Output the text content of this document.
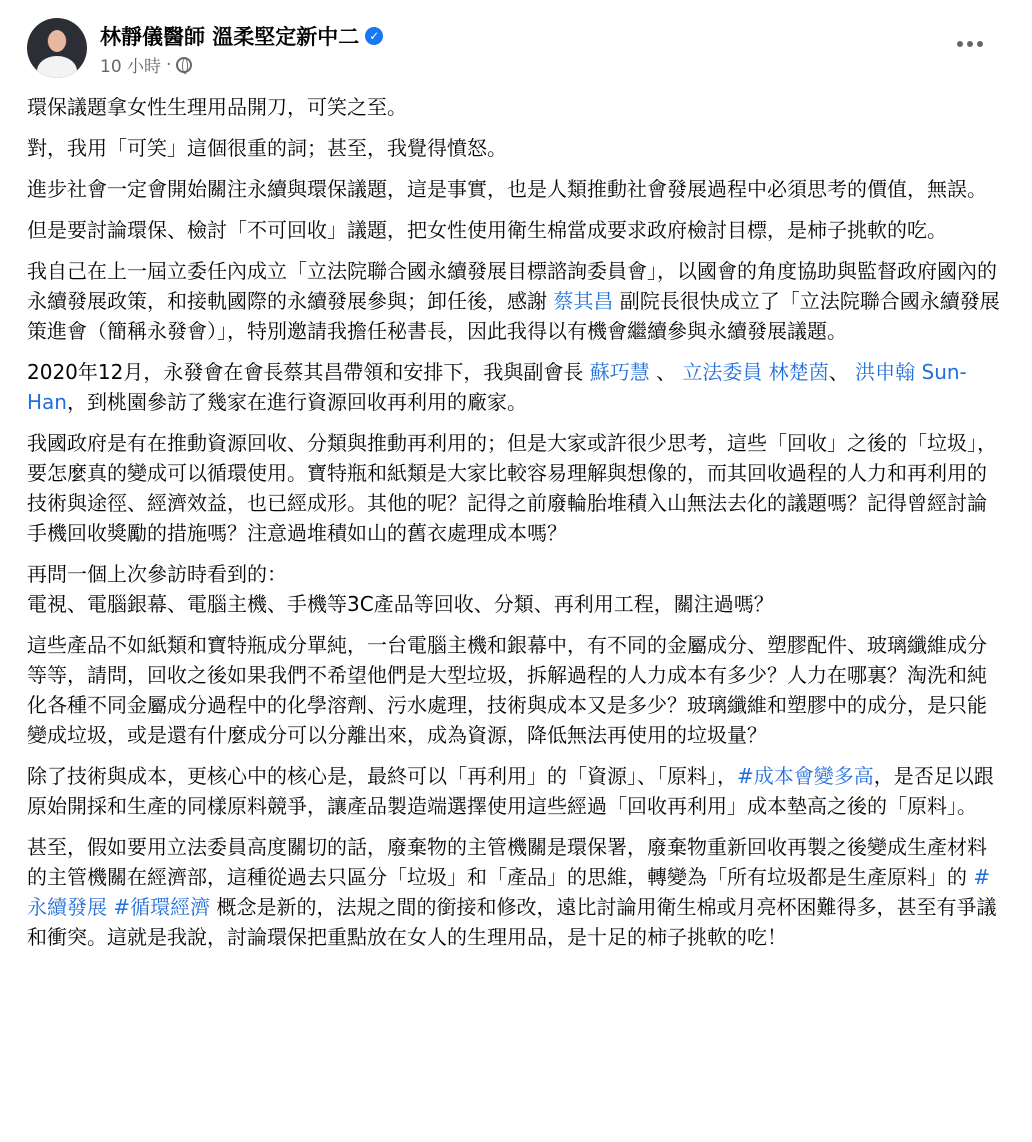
林靜儀醫師 溫柔堅定新中二 ✓
10 小時 ·

環保議題拿女性生理用品開刀，可笑之至。

對，我用「可笑」這個很重的詞；甚至，我覺得憤怒。

進步社會一定會開始關注永續與環保議題，這是事實，也是人類推動社會發展過程中必須思考的價值，無誤。

但是要討論環保、檢討「不可回收」議題，把女性使用衛生棉當成要求政府檢討目標，是柿子挑軟的吃。

我自己在上一屆立委任內成立「立法院聯合國永續發展目標諮詢委員會」，以國會的角度協助與監督政府國內的永續發展政策，和接軌國際的永續發展參與；卸任後，感謝 蔡其昌 副院長很快成立了「立法院聯合國永續發展策進會（簡稱永發會）」，特別邀請我擔任秘書長，因此我得以有機會繼續參與永續發展議題。

2020年12月，永發會在會長蔡其昌帶領和安排下，我與副會長 蘇巧慧 、 立法委員 林楚茵、 洪申翰 Sun-Han，到桃園參訪了幾家在進行資源回收再利用的廠家。

我國政府是有在推動資源回收、分類與推動再利用的；但是大家或許很少思考，這些「回收」之後的「垃圾」，要怎麼真的變成可以循環使用。寶特瓶和紙類是大家比較容易理解與想像的，而其回收過程的人力和再利用的技術與途徑、經濟效益，也已經成形。其他的呢？記得之前廢輪胎堆積入山無法去化的議題嗎？記得曾經討論手機回收獎勵的措施嗎？注意過堆積如山的舊衣處理成本嗎？

再問一個上次參訪時看到的：
電視、電腦銀幕、電腦主機、手機等3C產品等回收、分類、再利用工程，關注過嗎？

這些產品不如紙類和寶特瓶成分單純，一台電腦主機和銀幕中，有不同的金屬成分、塑膠配件、玻璃纖維成分等等，請問，回收之後如果我們不希望他們是大型垃圾，拆解過程的人力成本有多少？人力在哪裏？淘洗和純化各種不同金屬成分過程中的化學溶劑、污水處理，技術與成本又是多少？玻璃纖維和塑膠中的成分，是只能變成垃圾，或是還有什麼成分可以分離出來，成為資源，降低無法再使用的垃圾量？

除了技術與成本，更核心中的核心是，最終可以「再利用」的「資源」、「原料」，#成本會變多高，是否足以跟原始開採和生產的同樣原料競爭，讓產品製造端選擇使用這些經過「回收再利用」成本墊高之後的「原料」。

甚至，假如要用立法委員高度關切的話，廢棄物的主管機關是環保署，廢棄物重新回收再製之後變成生產材料的主管機關在經濟部，這種從過去只區分「垃圾」和「產品」的思維，轉變為「所有垃圾都是生產原料」的 #永續發展 #循環經濟 概念是新的，法規之間的銜接和修改，遠比討論用衛生棉或月亮杯困難得多，甚至有爭議和衝突。這就是我說，討論環保把重點放在女人的生理用品，是十足的柿子挑軟的吃！
